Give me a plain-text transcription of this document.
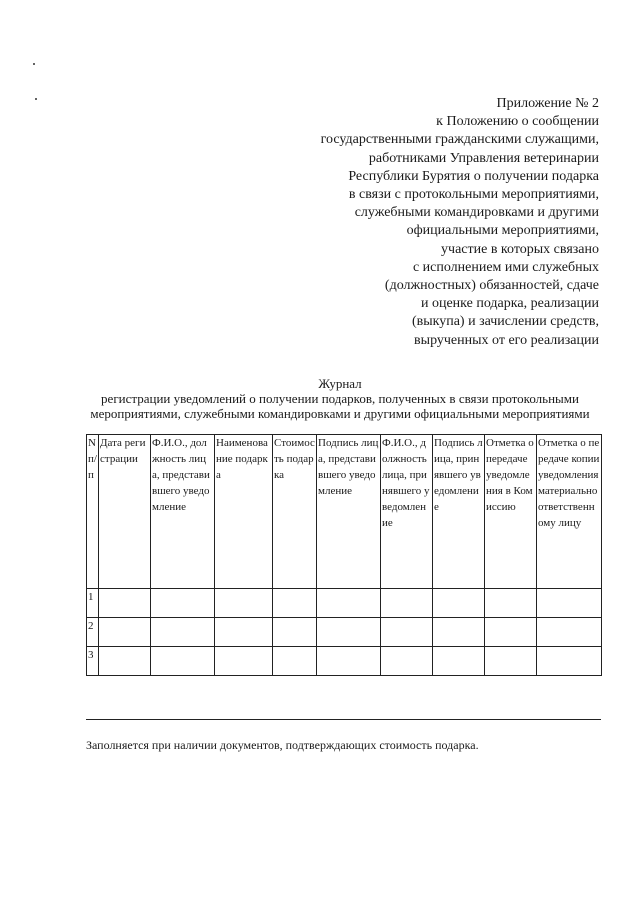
Приложение № 2
к Положению о сообщении
государственными гражданскими служащими,
работниками Управления ветеринарии
Республики Бурятия о получении подарка
в связи с протокольными мероприятиями,
служебными командировками и другими
официальными мероприятиями,
участие в которых связано
с исполнением ими служебных
(должностных) обязанностей, сдаче
и оценке подарка, реализации
(выкупа) и зачислении средств,
вырученных от его реализации
Журнал
регистрации уведомлений о получении подарков, полученных в связи протокольными
мероприятиями, служебными командировками и другими официальными мероприятиями
N п/п	Дата регистрации	Ф.И.О., должность лица, представившего уведомление	Наименование подарка	Стоимость подарка	Подпись лица, представившего уведомление	Ф.И.О., должность лица, принявшего уведомление	Подпись лица, принявшего уведомление	Отметка о передаче уведомления в Комиссию	Отметка о передаче копии уведомления материально ответственному лицу
1									
2									
3									
Заполняется при наличии документов, подтверждающих стоимость подарка.
